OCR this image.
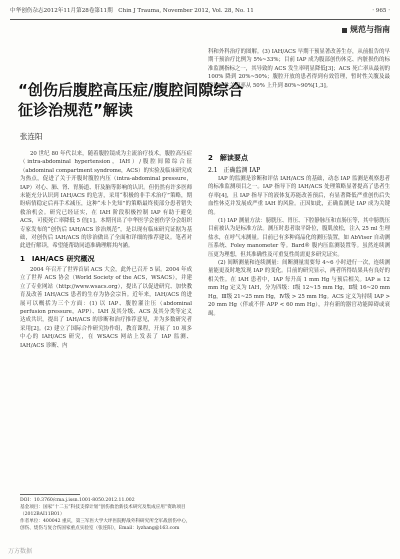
中华创伤杂志2012年11月第28卷第11期　Chin J Trauma, November 2012, Vol. 28, No. 11	· 965 ·
规范与指南

科和外科治疗的图解。(3) IAH/ACS 早期干预显著改善生存，从前报告的早期干预治疗比例为 5%~33%；目前 IAP 成为腹部创伤休克、内脏损伤的标准监测指标之一，其导致的 ACS 发生率明显降低[3]；ACS 死亡率从最初的 100% 降到 20%~50%；腹腔开放的患者得到有效管理，暂时性关腹及最终确定性关腹率从 50% 上升到 80%~90%[1,3]。

“创伤后腹腔高压症/腹腔间隙综合征诊治规范”解读
张连阳

20 世纪 80 年代以来，随着腹腔镜成为主流治疗技术，腹腔高压症（intra-abdominal hypertension，IAH）/腹腔间隙综合征（abdominal compartment syndrome，ACS）的实验及临床研究成为热点，促进了关于开腹时腹腔内压（intra-abdominal pressure，IAP）对心、肺、肾、胃肠道、肝及脑等影响的认识。但仍然有许多医师未能充分认识到 IAH/ACS 的危害，采用“积极的非手术治疗”策略，期盼病情稳定后再手术减压，这种“未卜先知”的策略最终使部分患者错失救治机会。研究已经证实，在 IAH 阶段积极控制 IAP 有助于避免 ACS，可使死亡率降低 5 倍[1]。本期刊出了中华医学会创伤学分会组织专家发布的“创伤后 IAH/ACS 诊治规范”，是以现有临床研究证据为基础，对创伤后 IAH/ACS 的诊治做出了全面和详细的推荐建议。笔者对此进行解读，希望能帮助同道准确理解其内涵。

1　IAH/ACS 研究概况

2004 年召开了世界首届 ACS 大会，此外已召开 5 届。2004 年成立了世界 ACS 协会（World Society of the ACS，WSACS），并建立了专业网站（http://www.wsacs.org），提出了以促进研究、加快教育及改善 IAH/ACS 患者的生存为协会宗旨。近年来，IAH/ACS 的进展可以概括为三个方面：(1) 以 IAP、腹腔灌注压（abdominal perfusion pressure，APP）、IAH 及其分级、ACS 及其分类等定义达成共识，提出了 IAH/ACS 的诊断和治疗推荐意见，并为多数研究者采用[2]。(2) 建立了国际合作研究协作组，教育课程，开展了 10 项多中心的 IAH/ACS 研究，在 WSACS 网站上发表了 IAP 监测、IAH/ACS 诊断、内

2　解读要点

2.1　正确监测 IAP

IAP 的监测是诊断和评估 IAH/ACS 的基础，动态 IAP 监测是观察患者的标准监测项目之一。IAP 指导下的 IAH/ACS 处理策略显著提高了患者生存率[4]，且 IAP 指导下的液体复苏能改善预后，有显著降低严重创伤后失血性休克并发展成严重 IAH 的风险。正因如此，正确监测是 IAP 成为关键的。

(1) IAP 测量方法：膀胱压、胃压、下腔静脉压和直肠压等，其中膀胱压目前被认为是标准方法。测压时患者取平卧位，腹肌放松，注入 25 ml 生理盐水，在呼气末测量。目前已有多种商品化的测压装置，如 AbViser 自动测压系统、Foley manometer 等。Bard® 腹内压监测装置等。虽然连续测压更为理想，但其准确性及可重复性尚需更多研究证实。

(2) 间断测量和连续测量：间断测量需要每 4~6 小时进行一次，连续测量能更及时地发现 IAP 的变化。目前的研究显示，两者所得结果具有良好的相关性。在 IAH 患者中，IAP 每升高 1 mm Hg 与预后相关。IAP ≥ 12 mm Hg 定义为 IAH，分为四级：Ⅰ级 12~15 mm Hg，Ⅱ级 16~20 mm Hg，Ⅲ级 21~25 mm Hg，Ⅳ级 > 25 mm Hg。ACS 定义为持续 IAP > 20 mm Hg（伴或不伴 APP < 60 mm Hg），并有新的器官功能障碍或衰竭。

DOI：10.3760/cma.j.issn.1001-8050.2012.11.002

基金项目：国家“十二五”科技支撑计划“创伤救治新技术研究及集成应用”资助项目（2012BAI11B01）

作者单位：400042 重庆，第三军医大学大坪医院野战外科研究所全军战创伤中心，创伤、烧伤与复合伤国家重点实验室（张连阳），Email：lyzhang@163.com

万方数据
